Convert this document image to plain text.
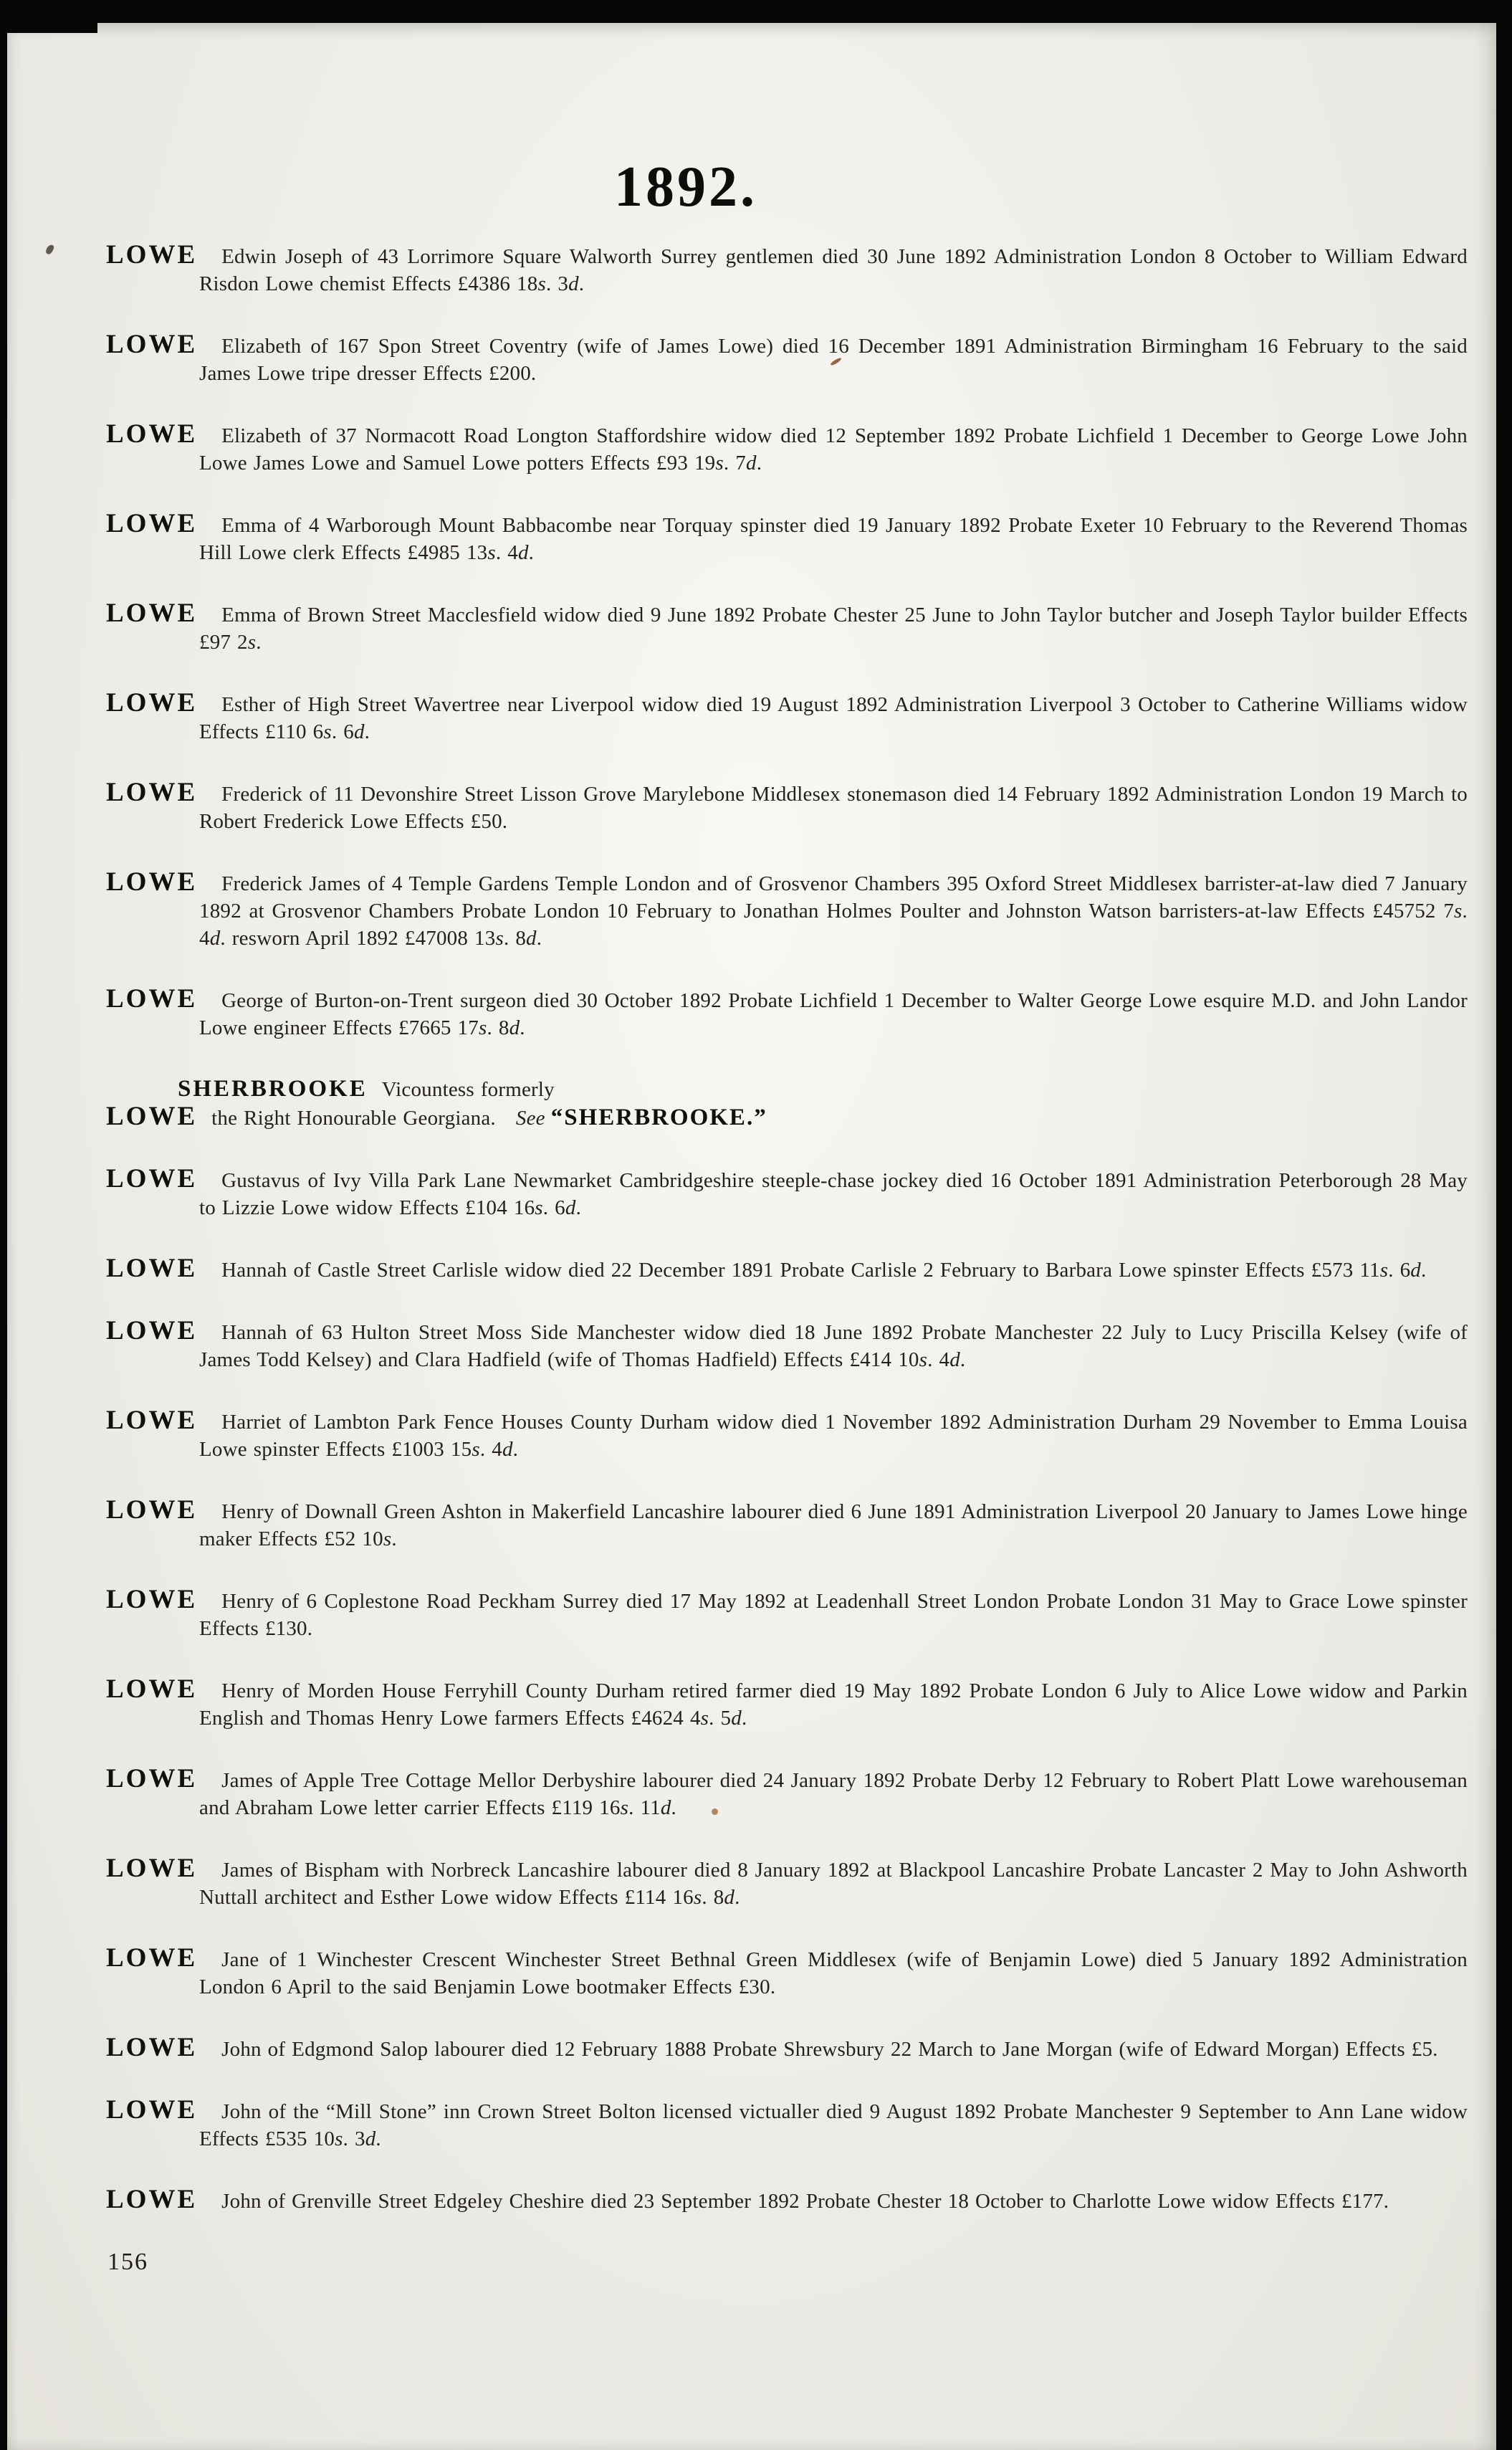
1892.

LOWE Edwin Joseph of 43 Lorrimore Square Walworth Surrey gentlemen died 30 June 1892 Administration London 8 October to William Edward Risdon Lowe chemist Effects £4386 18s. 3d.

LOWE Elizabeth of 167 Spon Street Coventry (wife of James Lowe) died 16 December 1891 Administration Birmingham 16 February to the said James Lowe tripe dresser Effects £200.

LOWE Elizabeth of 37 Normacott Road Longton Staffordshire widow died 12 September 1892 Probate Lichfield 1 December to George Lowe John Lowe James Lowe and Samuel Lowe potters Effects £93 19s. 7d.

LOWE Emma of 4 Warborough Mount Babbacombe near Torquay spinster died 19 January 1892 Probate Exeter 10 February to the Reverend Thomas Hill Lowe clerk Effects £4985 13s. 4d.

LOWE Emma of Brown Street Macclesfield widow died 9 June 1892 Probate Chester 25 June to John Taylor butcher and Joseph Taylor builder Effects £97 2s.

LOWE Esther of High Street Wavertree near Liverpool widow died 19 August 1892 Administration Liverpool 3 October to Catherine Williams widow Effects £110 6s. 6d.

LOWE Frederick of 11 Devonshire Street Lisson Grove Marylebone Middlesex stonemason died 14 February 1892 Administration London 19 March to Robert Frederick Lowe Effects £50.

LOWE Frederick James of 4 Temple Gardens Temple London and of Grosvenor Chambers 395 Oxford Street Middlesex barrister-at-law died 7 January 1892 at Grosvenor Chambers Probate London 10 February to Jonathan Holmes Poulter and Johnston Watson barristers-at-law Effects £45752 7s. 4d. resworn April 1892 £47008 13s. 8d.

LOWE George of Burton-on-Trent surgeon died 30 October 1892 Probate Lichfield 1 December to Walter George Lowe esquire M.D. and John Landor Lowe engineer Effects £7665 17s. 8d.

SHERBROOKE Vicountess formerly
LOWE the Right Honourable Georgiana. See “SHERBROOKE.”

LOWE Gustavus of Ivy Villa Park Lane Newmarket Cambridgeshire steeple-chase jockey died 16 October 1891 Administration Peterborough 28 May to Lizzie Lowe widow Effects £104 16s. 6d.

LOWE Hannah of Castle Street Carlisle widow died 22 December 1891 Probate Carlisle 2 February to Barbara Lowe spinster Effects £573 11s. 6d.

LOWE Hannah of 63 Hulton Street Moss Side Manchester widow died 18 June 1892 Probate Manchester 22 July to Lucy Priscilla Kelsey (wife of James Todd Kelsey) and Clara Hadfield (wife of Thomas Hadfield) Effects £414 10s. 4d.

LOWE Harriet of Lambton Park Fence Houses County Durham widow died 1 November 1892 Administration Durham 29 November to Emma Louisa Lowe spinster Effects £1003 15s. 4d.

LOWE Henry of Downall Green Ashton in Makerfield Lancashire labourer died 6 June 1891 Administration Liverpool 20 January to James Lowe hinge maker Effects £52 10s.

LOWE Henry of 6 Coplestone Road Peckham Surrey died 17 May 1892 at Leadenhall Street London Probate London 31 May to Grace Lowe spinster Effects £130.

LOWE Henry of Morden House Ferryhill County Durham retired farmer died 19 May 1892 Probate London 6 July to Alice Lowe widow and Parkin English and Thomas Henry Lowe farmers Effects £4624 4s. 5d.

LOWE James of Apple Tree Cottage Mellor Derbyshire labourer died 24 January 1892 Probate Derby 12 February to Robert Platt Lowe warehouseman and Abraham Lowe letter carrier Effects £119 16s. 11d.

LOWE James of Bispham with Norbreck Lancashire labourer died 8 January 1892 at Blackpool Lancashire Probate Lancaster 2 May to John Ashworth Nuttall architect and Esther Lowe widow Effects £114 16s. 8d.

LOWE Jane of 1 Winchester Crescent Winchester Street Bethnal Green Middlesex (wife of Benjamin Lowe) died 5 January 1892 Administration London 6 April to the said Benjamin Lowe bootmaker Effects £30.

LOWE John of Edgmond Salop labourer died 12 February 1888 Probate Shrewsbury 22 March to Jane Morgan (wife of Edward Morgan) Effects £5.

LOWE John of the “Mill Stone” inn Crown Street Bolton licensed victualler died 9 August 1892 Probate Manchester 9 September to Ann Lane widow Effects £535 10s. 3d.

LOWE John of Grenville Street Edgeley Cheshire died 23 September 1892 Probate Chester 18 October to Charlotte Lowe widow Effects £177.

156
